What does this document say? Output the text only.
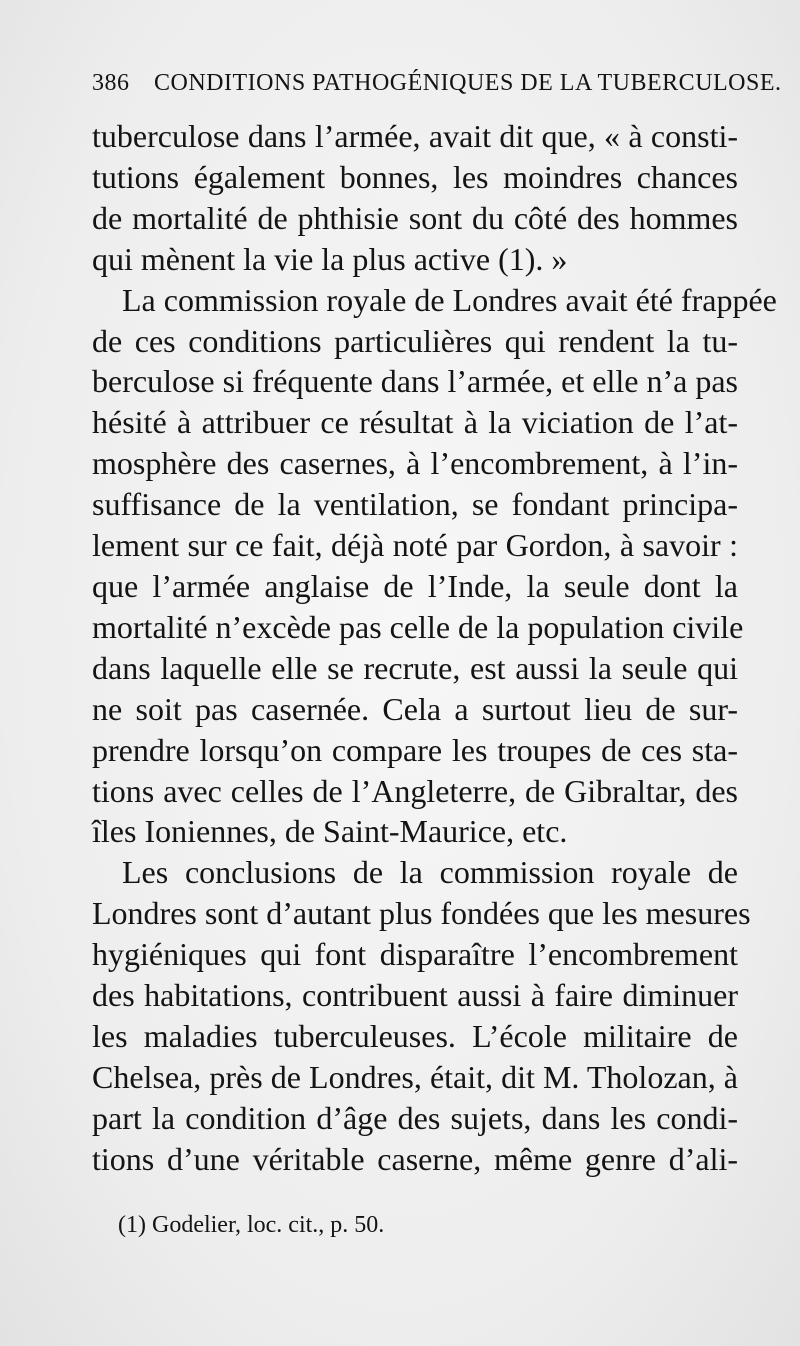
386 CONDITIONS PATHOGÉNIQUES DE LA TUBERCULOSE.
tuberculose dans l’armée, avait dit que, « à consti-
tutions également bonnes, les moindres chances
de mortalité de phthisie sont du côté des hommes
qui mènent la vie la plus active (1). »
La commission royale de Londres avait été frappée
de ces conditions particulières qui rendent la tu-
berculose si fréquente dans l’armée, et elle n’a pas
hésité à attribuer ce résultat à la viciation de l’at-
mosphère des casernes, à l’encombrement, à l’in-
suffisance de la ventilation, se fondant principa-
lement sur ce fait, déjà noté par Gordon, à savoir :
que l’armée anglaise de l’Inde, la seule dont la
mortalité n’excède pas celle de la population civile
dans laquelle elle se recrute, est aussi la seule qui
ne soit pas casernée. Cela a surtout lieu de sur-
prendre lorsqu’on compare les troupes de ces sta-
tions avec celles de l’Angleterre, de Gibraltar, des
îles Ioniennes, de Saint-Maurice, etc.
Les conclusions de la commission royale de
Londres sont d’autant plus fondées que les mesures
hygiéniques qui font disparaître l’encombrement
des habitations, contribuent aussi à faire diminuer
les maladies tuberculeuses. L’école militaire de
Chelsea, près de Londres, était, dit M. Tholozan, à
part la condition d’âge des sujets, dans les condi-
tions d’une véritable caserne, même genre d’ali-
(1) Godelier, loc. cit., p. 50.
